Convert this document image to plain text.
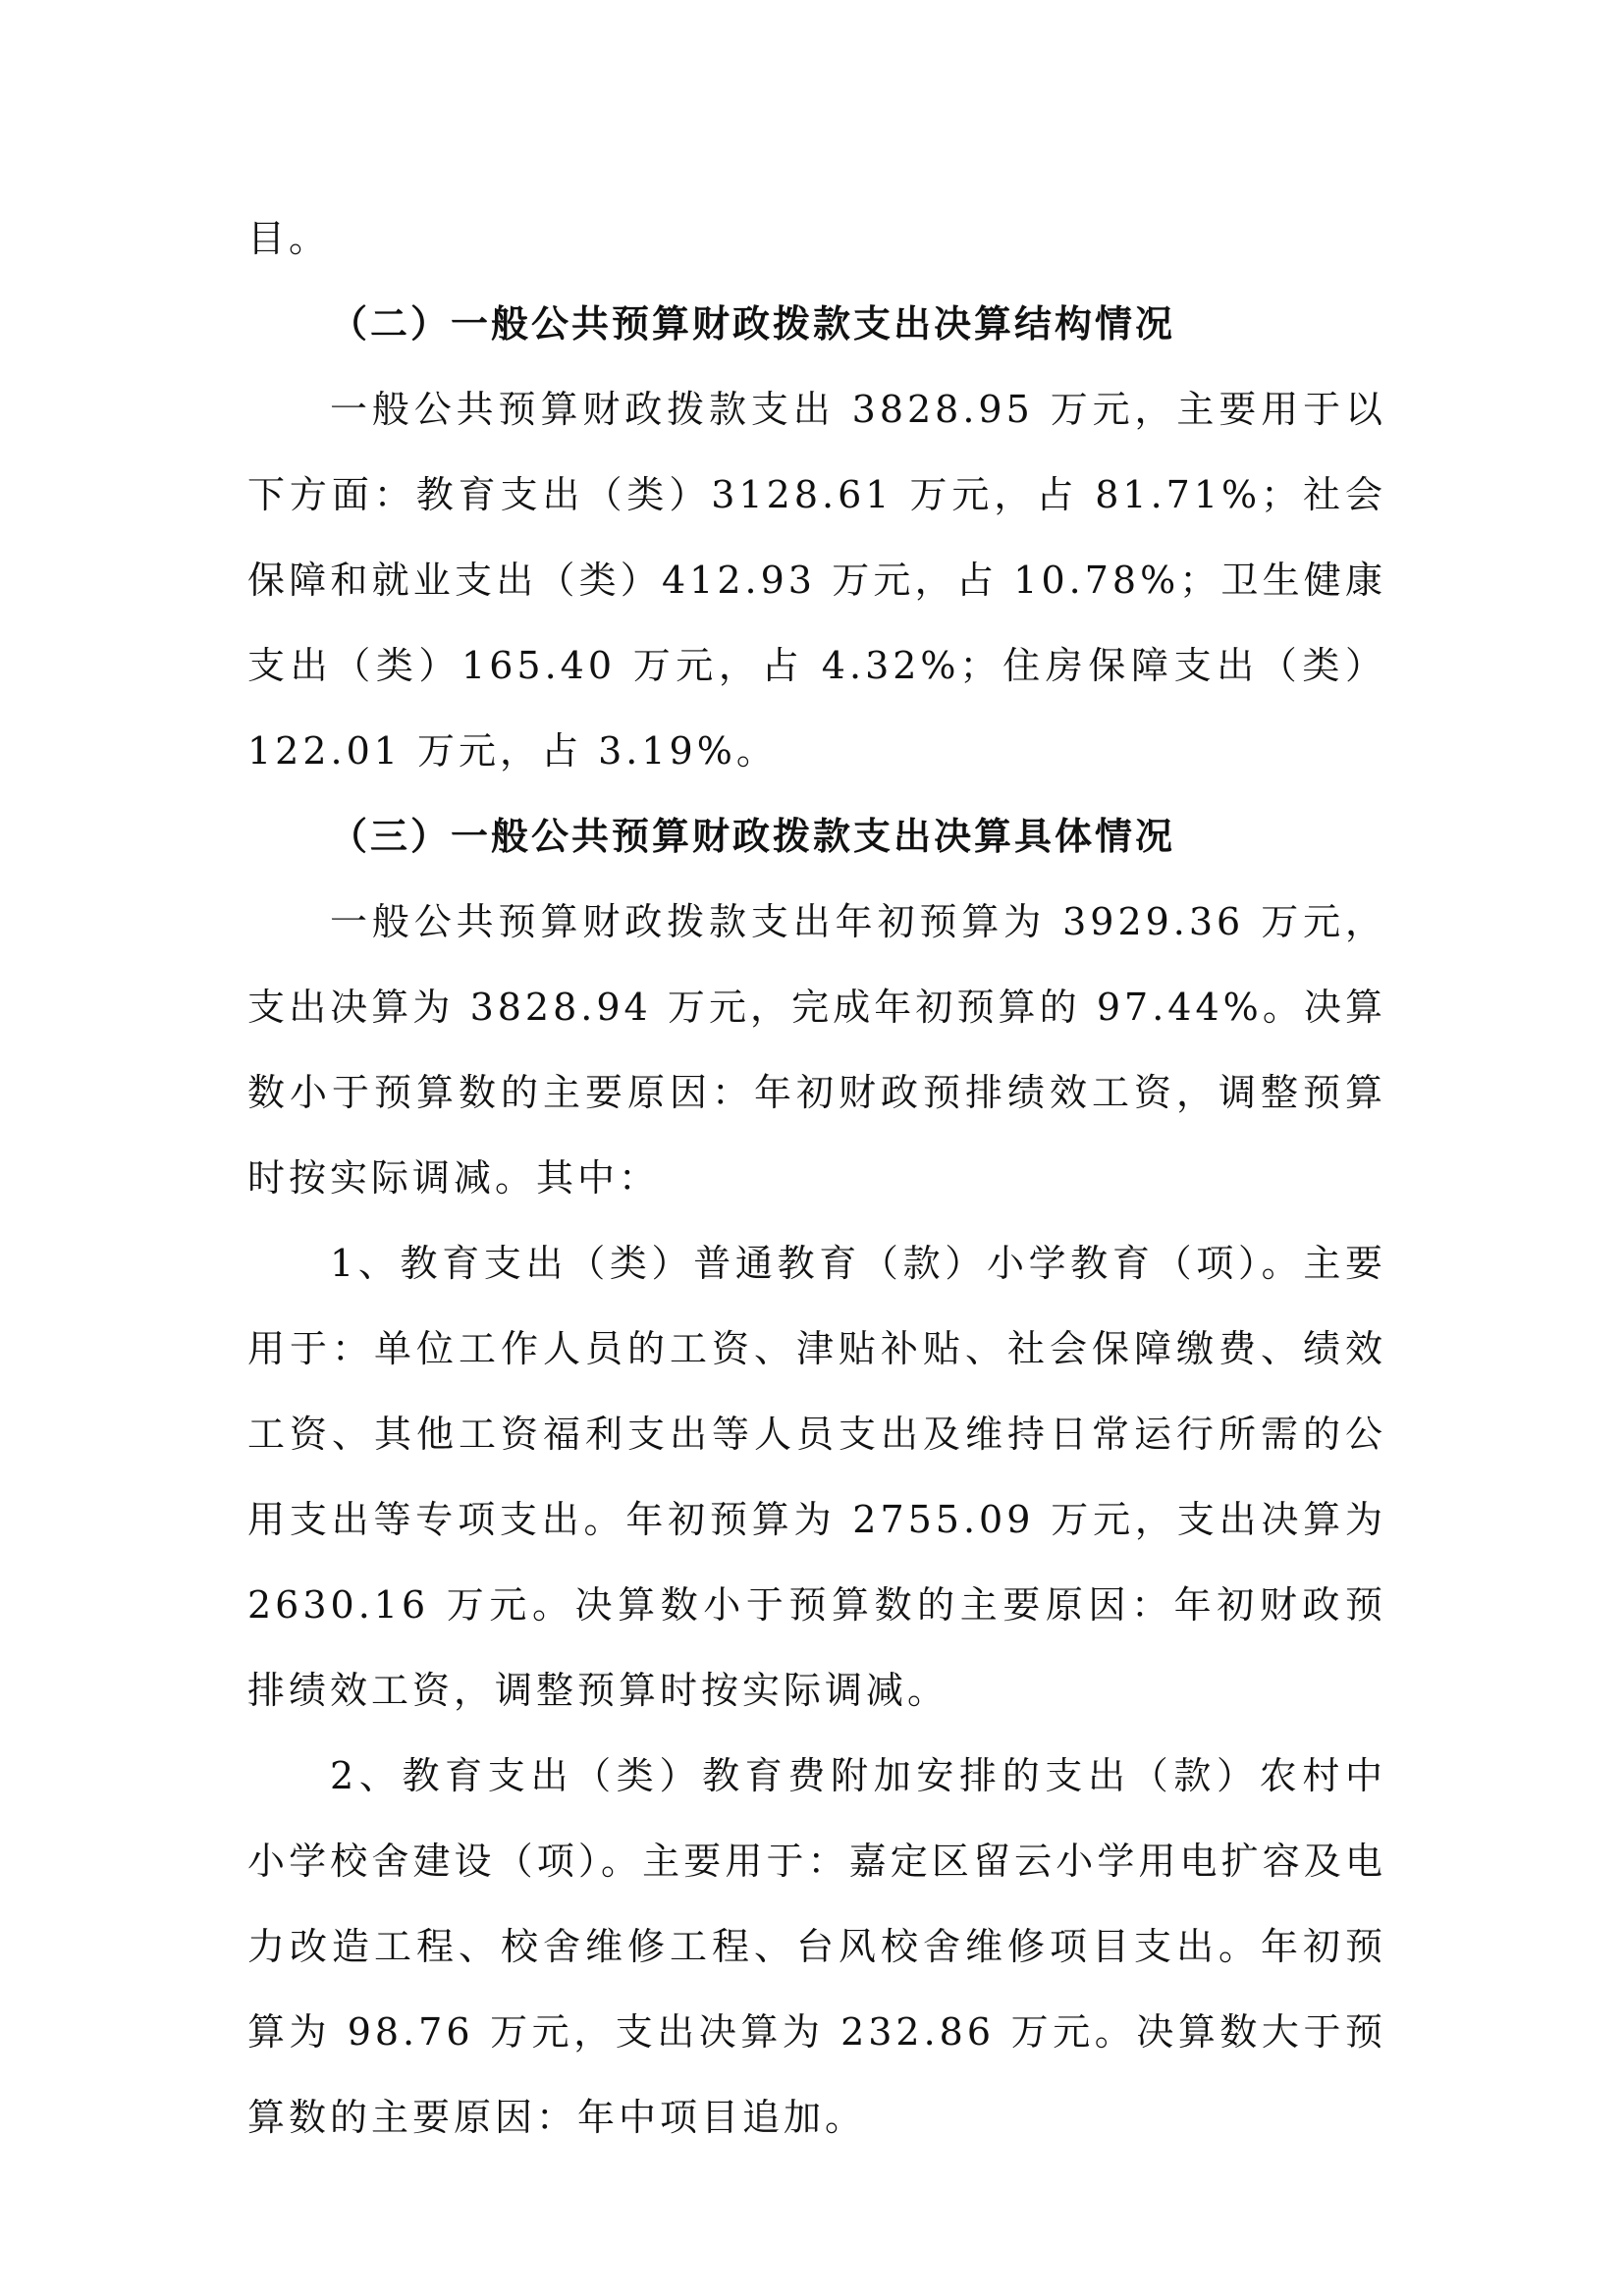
目。

（二）一般公共预算财政拨款支出决算结构情况

一般公共预算财政拨款支出 3828.95 万元，主要用于以下方面：教育支出（类）3128.61 万元，占 81.71%；社会保障和就业支出（类）412.93 万元，占 10.78%；卫生健康支出（类）165.40 万元，占 4.32%；住房保障支出（类）122.01 万元，占 3.19%。

（三）一般公共预算财政拨款支出决算具体情况

一般公共预算财政拨款支出年初预算为 3929.36 万元，支出决算为 3828.94 万元，完成年初预算的 97.44%。决算数小于预算数的主要原因：年初财政预排绩效工资，调整预算时按实际调减。其中：

1、教育支出（类）普通教育（款）小学教育（项）。主要用于：单位工作人员的工资、津贴补贴、社会保障缴费、绩效工资、其他工资福利支出等人员支出及维持日常运行所需的公用支出等专项支出。年初预算为 2755.09 万元，支出决算为 2630.16 万元。决算数小于预算数的主要原因：年初财政预排绩效工资，调整预算时按实际调减。

2、教育支出（类）教育费附加安排的支出（款）农村中小学校舍建设（项）。主要用于：嘉定区留云小学用电扩容及电力改造工程、校舍维修工程、台风校舍维修项目支出。年初预算为 98.76 万元，支出决算为 232.86 万元。决算数大于预算数的主要原因：年中项目追加。
